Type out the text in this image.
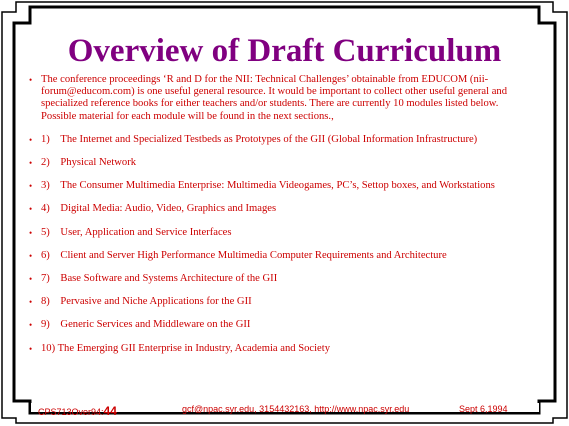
Overview of Draft Curriculum
• The conference proceedings ‘R and D for the NII: Technical Challenges’ obtainable from EDUCOM (nii-forum@educom.com) is one useful general resource. It would be important to collect other useful general and specialized reference books for either teachers and/or students. There are currently 10 modules listed below. Possible material for each module will be found in the next sections.,
• 1) The Internet and Specialized Testbeds as Prototypes of the GII (Global Information Infrastructure)
• 2) Physical Network
• 3) The Consumer Multimedia Enterprise: Multimedia Videogames, PC’s, Settop boxes, and Workstations
• 4) Digital Media: Audio, Video, Graphics and Images
• 5) User, Application and Service Interfaces
• 6) Client and Server High Performance Multimedia Computer Requirements and Architecture
• 7) Base Software and Systems Architecture of the GII
• 8) Pervasive and Niche Applications for the GII
• 9) Generic Services and Middleware on the GII
• 10) The Emerging GII Enterprise in Industry, Academia and Society
CPS713Over94:44	gcf@npac.syr.edu, 3154432163, http://www.npac.syr.edu	Sept 6,1994
